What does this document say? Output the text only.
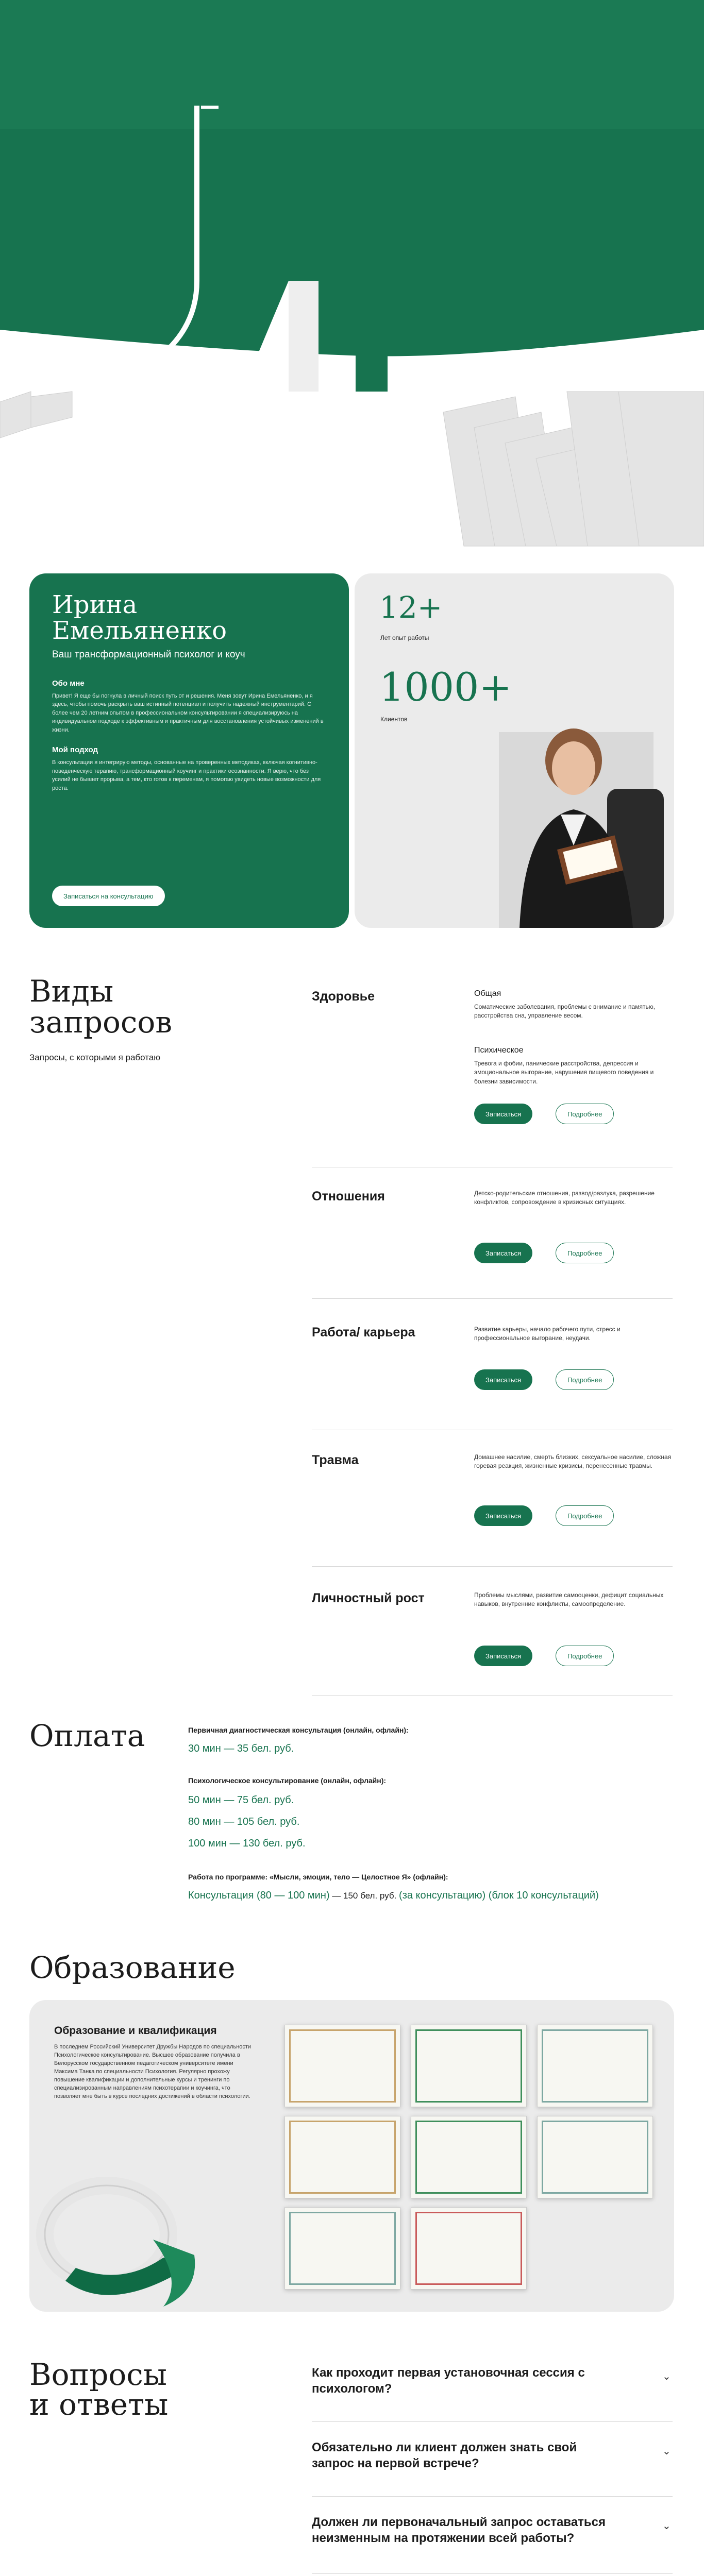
Ирина
Емельяненко
Ваш трансформационный психолог и коуч
Обо мне
Привет! Я еще бы погнула в личный поиск путь от и решения. Меня зовут Ирина Емельяненко, и я здесь, чтобы помочь раскрыть ваш истинный потенциал и получить надежный инструментарий. С более чем 20 летним опытом в профессиональном консультировании я специализируюсь на индивидуальном подходе к эффективным и практичным для восстановления устойчивых изменений в жизни.
Мой подход
В консультации я интегрирую методы, основанные на проверенных методиках, включая когнитивно-поведенческую терапию, трансформационный коучинг и практики осознанности. Я верю, что без усилий не бывает прорыва, а тем, кто готов к переменам, я помогаю увидеть новые возможности для роста.
Записаться на консультацию
12+
Лет опыт работы
1000+
Клиентов
Виды
запросов
Запросы, с которыми я работаю
Здоровье	Общая
Соматические заболевания, проблемы с внимание и памятью, расстройства сна, управление весом.
Психическое
Тревога и фобии, панические расстройства, депрессия и эмоциональное выгорание, нарушения пищевого поведения и болезни зависимости.
Записаться	Подробнее
Отношения	Детско-родительские отношения, развод/разлука, разрешение конфликтов, сопровождение в кризисных ситуациях.
Записаться	Подробнее
Работа/ карьера	Развитие карьеры, начало рабочего пути, стресс и профессиональное выгорание, неудачи.
Записаться	Подробнее
Травма	Домашнее насилие, смерть близких, сексуальное насилие, сложная горевая реакция, жизненные кризисы, перенесенные травмы.
Записаться	Подробнее
Личностный рост	Проблемы мыслями, развитие самооценки, дефицит социальных навыков, внутренние конфликты, самоопределение.
Записаться	Подробнее
Оплата	Первичная диагностическая консультация (онлайн, офлайн):
30 мин — 35 бел. руб.
Психологическое консультирование (онлайн, офлайн):
50 мин — 75 бел. руб.
80 мин — 105 бел. руб.
100 мин — 130 бел. руб.
Работа по программе: «Мысли, эмоции, тело — Целостное Я» (офлайн):
Консультация (80 — 100 мин) — 150 бел. руб. (за консультацию) (блок 10 консультаций)
Образование
Образование и квалификация
В последнем Российский Университет Дружбы Народов по специальности Психологическое консультирование. Высшее образование получила в Белорусском государственном педагогическом университете имени Максима Танка по специальности Психология. Регулярно прохожу повышение квалификации и дополнительные курсы и тренинги по специализированным направлениям психотерапии и коучинга, что позволяет мне быть в курсе последних достижений в области психологии.
Вопросы
и ответы
Как проходит первая установочная сессия с психологом?
⌄
Обязательно ли клиент должен знать свой запрос на первой встрече?
⌄
Должен ли первоначальный запрос оставаться неизменным на протяжении всей работы?
⌄
